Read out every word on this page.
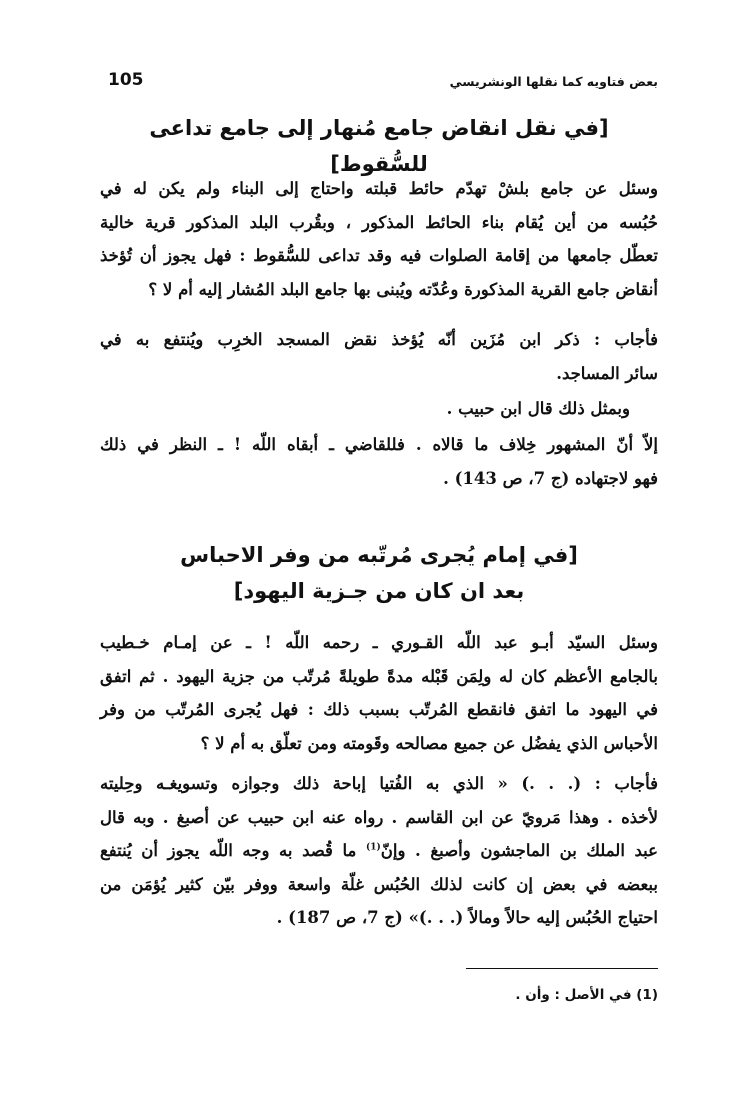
بعض فتاويه كما نقلها الونشريسي
105
[في نقل انقاض جامع مُنهار إلى جامع تداعى للسُّقوط]

وسئل عن جامع بلشْ تهدّم حائط قبلته واحتاج إلى البناء ولم يكن له في
حُبُسه من أين يُقام بناء الحائط المذكور ، وبقُرب البلد المذكور قرية خالية
تعطّل جامعها من إقامة الصلوات فيه وقد تداعى للسُّقوط : فهل يجوز أن تُؤخذ
أنقاض جامع القرية المذكورة وعُدّته ويُبنى بها جامع البلد المُشار إليه أم لا ؟

فأجاب : ذكر ابن مُزَين أنّه يُؤخذ نقض المسجد الخرِب ويُنتفع به في
سائر المساجد.

وبمثل ذلك قال ابن حبيب .

إلاّ أنّ المشهور خِلاف ما قالاه . فللقاضي ـ أبقاه اللّه ! ـ النظر في ذلك
فهو لاجتهاده (ج 7، ص 143) .

[في إمام يُجرى مُرتّبه من وفر الاحباس
بعد ان كان من جـزية اليهود]

وسئل السيّد أبـو عبد اللّه القـوري ـ رحمه اللّه ! ـ عن إمـام خـطيب
بالجامع الأعظم كان له ولِمَن قَبْله مدةً طويلةً مُرتّب من جزية اليهود . ثم اتفق
في اليهود ما اتفق فانقطع المُرتّب بسبب ذلك : فهل يُجرى المُرتّب من وفر
الأحباس الذي يفضُل عن جميع مصالحه وقَومته ومن تعلّق به أم لا ؟

فأجاب : (. . .) « الذي به الفُتيا إباحة ذلك وجوازه وتسويغـه وحِليته
لأخذه . وهذا مَرويّ عن ابن القاسم . رواه عنه ابن حبيب عن أصبغ . وبه قال
عبد الملك بن الماجشون وأصبغ . وإنّ$^{(1)}$ ما قُصد به وجه اللّه يجوز أن يُنتفع
ببعضه في بعض إن كانت لذلك الحُبُس غلّة واسعة ووفر بيّن كثير يُؤمَن من
احتياج الحُبُس إليه حالاً ومالاً (. . .)» (ج 7، ص 187) .

(1) في الأصل : وأن .
